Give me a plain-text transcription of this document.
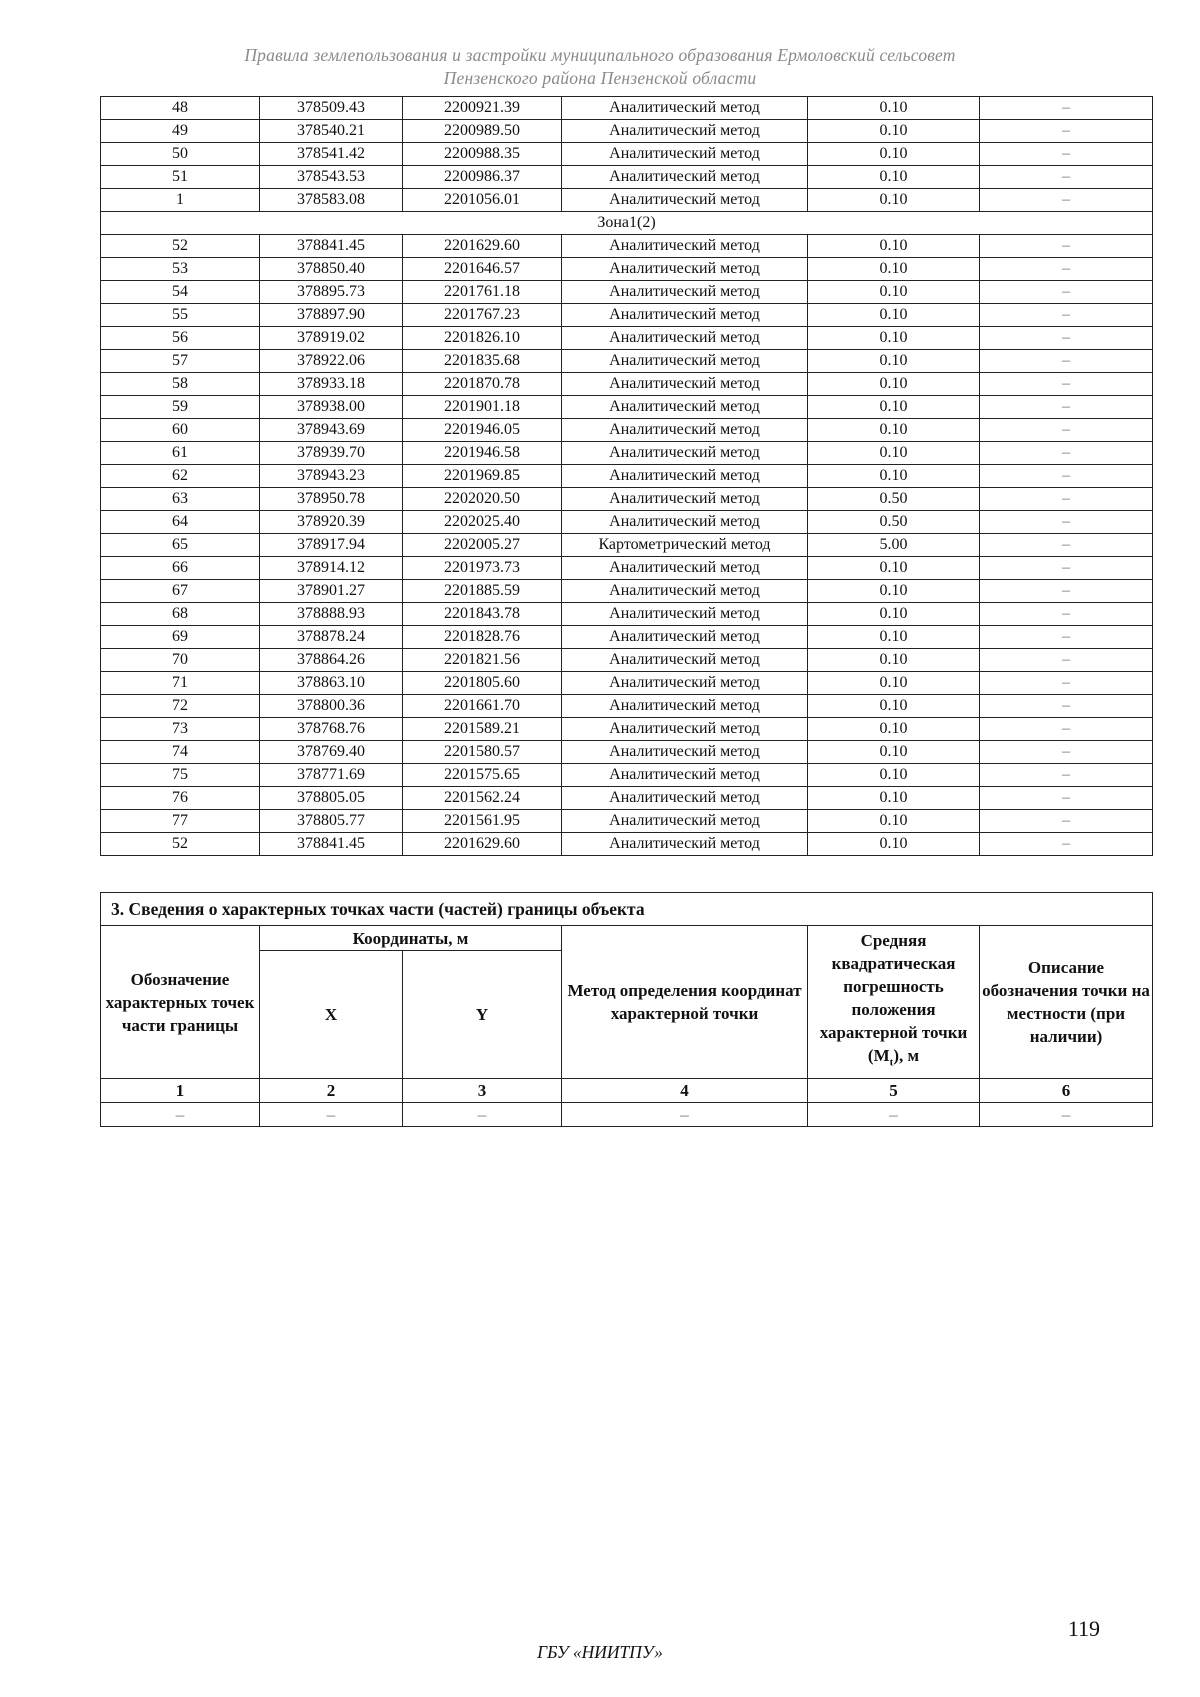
Правила землепользования и застройки муниципального образования Ермоловский сельсовет
Пензенского района Пензенской области
48	378509.43	2200921.39	Аналитический метод	0.10	–
49	378540.21	2200989.50	Аналитический метод	0.10	–
50	378541.42	2200988.35	Аналитический метод	0.10	–
51	378543.53	2200986.37	Аналитический метод	0.10	–
1	378583.08	2201056.01	Аналитический метод	0.10	–
Зона1(2)					
52	378841.45	2201629.60	Аналитический метод	0.10	–
53	378850.40	2201646.57	Аналитический метод	0.10	–
54	378895.73	2201761.18	Аналитический метод	0.10	–
55	378897.90	2201767.23	Аналитический метод	0.10	–
56	378919.02	2201826.10	Аналитический метод	0.10	–
57	378922.06	2201835.68	Аналитический метод	0.10	–
58	378933.18	2201870.78	Аналитический метод	0.10	–
59	378938.00	2201901.18	Аналитический метод	0.10	–
60	378943.69	2201946.05	Аналитический метод	0.10	–
61	378939.70	2201946.58	Аналитический метод	0.10	–
62	378943.23	2201969.85	Аналитический метод	0.10	–
63	378950.78	2202020.50	Аналитический метод	0.50	–
64	378920.39	2202025.40	Аналитический метод	0.50	–
65	378917.94	2202005.27	Картометрический метод	5.00	–
66	378914.12	2201973.73	Аналитический метод	0.10	–
67	378901.27	2201885.59	Аналитический метод	0.10	–
68	378888.93	2201843.78	Аналитический метод	0.10	–
69	378878.24	2201828.76	Аналитический метод	0.10	–
70	378864.26	2201821.56	Аналитический метод	0.10	–
71	378863.10	2201805.60	Аналитический метод	0.10	–
72	378800.36	2201661.70	Аналитический метод	0.10	–
73	378768.76	2201589.21	Аналитический метод	0.10	–
74	378769.40	2201580.57	Аналитический метод	0.10	–
75	378771.69	2201575.65	Аналитический метод	0.10	–
76	378805.05	2201562.24	Аналитический метод	0.10	–
77	378805.77	2201561.95	Аналитический метод	0.10	–
52	378841.45	2201629.60	Аналитический метод	0.10	–
3. Сведения о характерных точках части (частей) границы объекта					
Обозначение характерных точек части границы	Координаты, м		Метод определения координат характерной точки	Средняя квадратическая погрешность положения характерной точки $(M_t)$, м	Описание обозначения точки на местности (при наличии)
	X	Y			
1	2	3	4	5	6
–	–	–	–	–	–
119
ГБУ «НИИТПУ»
